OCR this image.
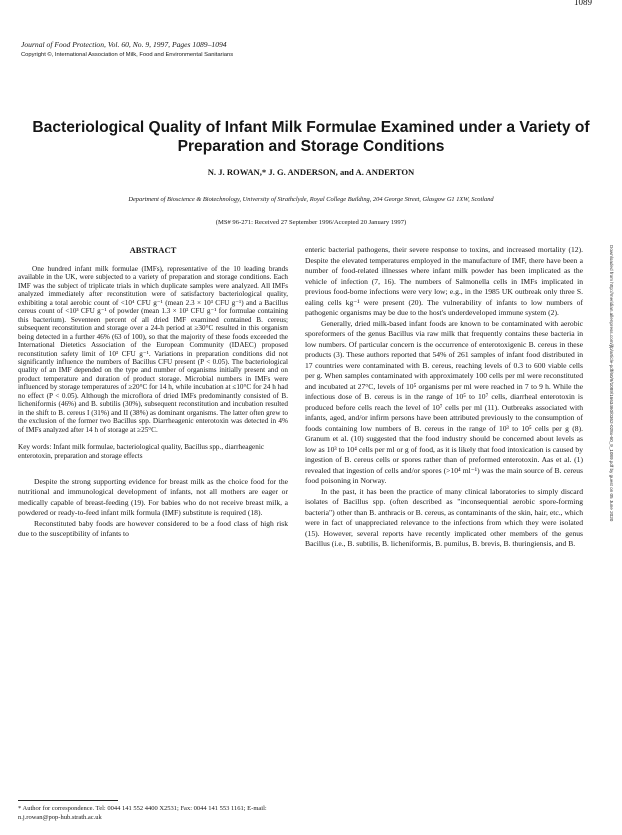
1089
Journal of Food Protection, Vol. 60, No. 9, 1997, Pages 1089–1094
Copyright ©, International Association of Milk, Food and Environmental Sanitarians
Bacteriological Quality of Infant Milk Formulae Examined under a Variety of Preparation and Storage Conditions
N. J. ROWAN,* J. G. ANDERSON, and A. ANDERTON
Department of Bioscience & Biotechnology, University of Strathclyde, Royal College Building, 204 George Street, Glasgow G1 1XW, Scotland
(MS# 96-271: Received 27 September 1996/Accepted 20 January 1997)
ABSTRACT

One hundred infant milk formulae (IMFs), representative of the 10 leading brands available in the UK, were subjected to a variety of preparation and storage conditions. Each IMF was the subject of triplicate trials in which duplicate samples were analyzed. All IMFs analyzed immediately after reconstitution were of satisfactory bacteriological quality, exhibiting a total aerobic count of <10⁴ CFU g⁻¹ (mean 2.3 × 10³ CFU g⁻¹) and a Bacillus cereus count of <10³ CFU g⁻¹ of powder (mean 1.3 × 10² CFU g⁻¹ for formulae containing this bacterium). Seventeen percent of all dried IMF examined contained B. cereus; subsequent reconstitution and storage over a 24-h period at ≥30°C resulted in this organism being detected in a further 46% (63 of 100), so that the majority of these foods exceeded the International Dietetics Association of the European Community (IDAEC) proposed reconstitution safety limit of 10³ CFU g⁻¹. Variations in preparation conditions did not significantly influence the numbers of Bacillus CFU present (P < 0.05). The bacteriological quality of an IMF depended on the type and number of organisms initially present and on product temperature and duration of product storage. Microbial numbers in IMFs were influenced by storage temperatures of ≥20°C for 14 h, while incubation at ≤10°C for 24 h had no effect (P < 0.05). Although the microflora of dried IMFs predominantly consisted of B. licheniformis (46%) and B. subtilis (30%), subsequent reconstitution and incubation resulted in the shift to B. cereus I (31%) and II (38%) as dominant organisms. The latter often grew to the exclusion of the former two Bacillus spp. Diarrheagenic enterotoxin was detected in 4% of IMFs analyzed after 14 h of storage at ≥25°C.

Key words: Infant milk formulae, bacteriological quality, Bacillus spp., diarrheagenic enterotoxin, preparation and storage effects

Despite the strong supporting evidence for breast milk as the choice food for the nutritional and immunological development of infants, not all mothers are eager or medically capable of breast-feeding (19). For babies who do not receive breast milk, a powdered or ready-to-feed infant milk formula (IMF) substitute is required (18).

Reconstituted baby foods are however considered to be a food class of high risk due to the susceptibility of infants to

enteric bacterial pathogens, their severe response to toxins, and increased mortality (12). Despite the elevated temperatures employed in the manufacture of IMF, there have been a number of food-related illnesses where infant milk powder has been implicated as the vehicle of infection (7, 16). The numbers of Salmonella cells in IMFs implicated in previous food-borne infections were very low; e.g., in the 1985 UK outbreak only three S. ealing cells kg⁻¹ were present (20). The vulnerability of infants to low numbers of pathogenic organisms may be due to the host's underdeveloped immune system (2).

Generally, dried milk-based infant foods are known to be contaminated with aerobic sporeformers of the genus Bacillus via raw milk that frequently contains these bacteria in low numbers. Of particular concern is the occurrence of enterotoxigenic B. cereus in these products (3). These authors reported that 54% of 261 samples of infant food distributed in 17 countries were contaminated with B. cereus, reaching levels of 0.3 to 600 viable cells per g. When samples contaminated with approximately 100 cells per ml were reconstituted and incubated at 27°C, levels of 10⁵ organisms per ml were reached in 7 to 9 h. While the infectious dose of B. cereus is in the range of 10⁵ to 10⁷ cells, diarrheal enterotoxin is produced before cells reach the level of 10⁷ cells per ml (11). Outbreaks associated with infants, aged, and/or infirm persons have been attributed previously to the consumption of foods containing low numbers of B. cereus in the range of 10³ to 10⁵ cells per g (8). Granum et al. (10) suggested that the food industry should be concerned about levels as low as 10³ to 10⁴ cells per ml or g of food, as it is likely that food intoxication is caused by ingestion of B. cereus cells or spores rather than of preformed enterotoxin. Aas et al. (1) revealed that ingestion of cells and/or spores (>10⁴ ml⁻¹) was the main source of B. cereus food poisoning in Norway.

In the past, it has been the practice of many clinical laboratories to simply discard isolates of Bacillus spp. (often described as "inconsequential aerobic spore-forming bacteria") other than B. anthracis or B. cereus, as contaminants of the skin, hair, etc., which were in fact of unappreciated relevance to the infections from which they were isolated (15). However, several reports have recently implicated other members of the genus Bacillus (i.e., B. subtilis, B. licheniformis, B. pumilus, B. brevis, B. thuringiensis, and B.

* Author for correspondence. Tel: 0044 141 552 4400 X2531; Fax: 0044 141 553 1161; E-mail: n.j.rowan@pop-hub.strath.ac.uk

Downloaded from http://meridian.allenpress.com/jfp/article-pdf/60/9/1089/1663460/0362-028x-60_9_1089.pdf by guest on 05 June 2020
